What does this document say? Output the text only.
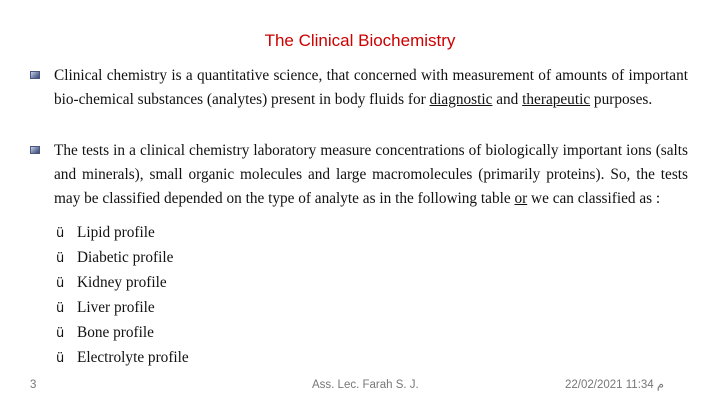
The Clinical Biochemistry
Clinical chemistry is a quantitative science, that concerned with measurement of amounts of important bio-chemical substances (analytes) present in body fluids for diagnostic and therapeutic purposes.
The tests in a clinical chemistry laboratory measure concentrations of biologically important ions (salts and minerals), small organic molecules and large macromolecules (primarily proteins). So, the tests may be classified depended on the type of analyte as in the following table or we can classified as :
ü Lipid profile
ü Diabetic profile
ü Kidney profile
ü Liver profile
ü Bone profile
ü Electrolyte profile
3	Ass. Lec. Farah S. J.	م 11:34 22/02/2021
